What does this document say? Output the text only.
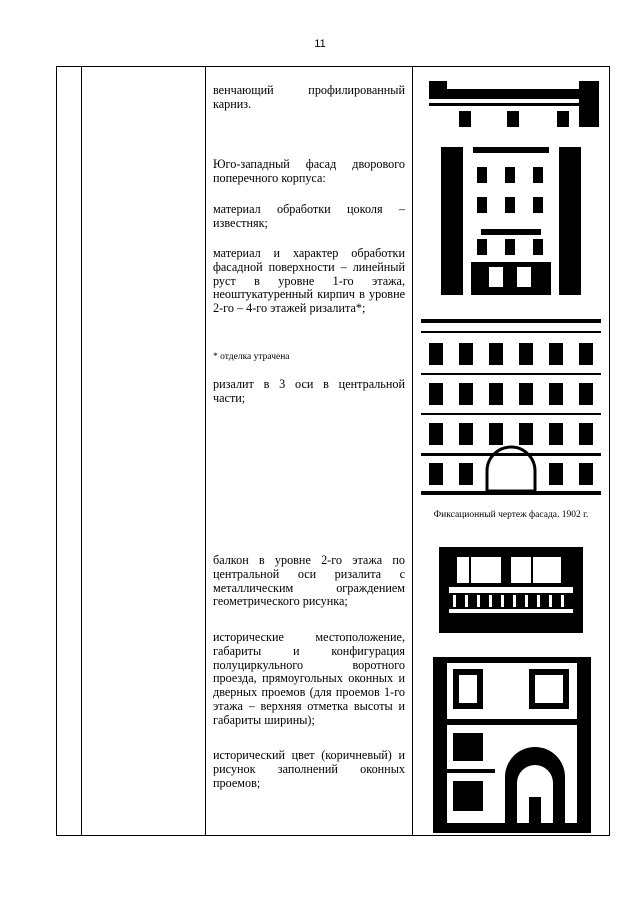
11
венчающий профилированный карниз.
Юго-западный фасад дворового поперечного корпуса:
материал обработки цоколя – известняк;
материал и характер обработки фасадной поверхности – линейный руст в уровне 1-го этажа, неоштукатуренный кирпич в уровне 2-го – 4-го этажей ризалита*;
* отделка утрачена
ризалит в 3 оси в центральной части;
балкон в уровне 2-го этажа по центральной оси ризалита с металлическим ограждением геометрического рисунка;
исторические местоположение, габариты и конфигурация полуциркульного воротного проезда, прямоугольных оконных и дверных проемов (для проемов 1-го этажа – верхняя отметка высоты и габариты ширины);
исторический цвет (коричневый) и рисунок заполнений оконных проемов;
Фиксационный чертеж фасада. 1902 г.
